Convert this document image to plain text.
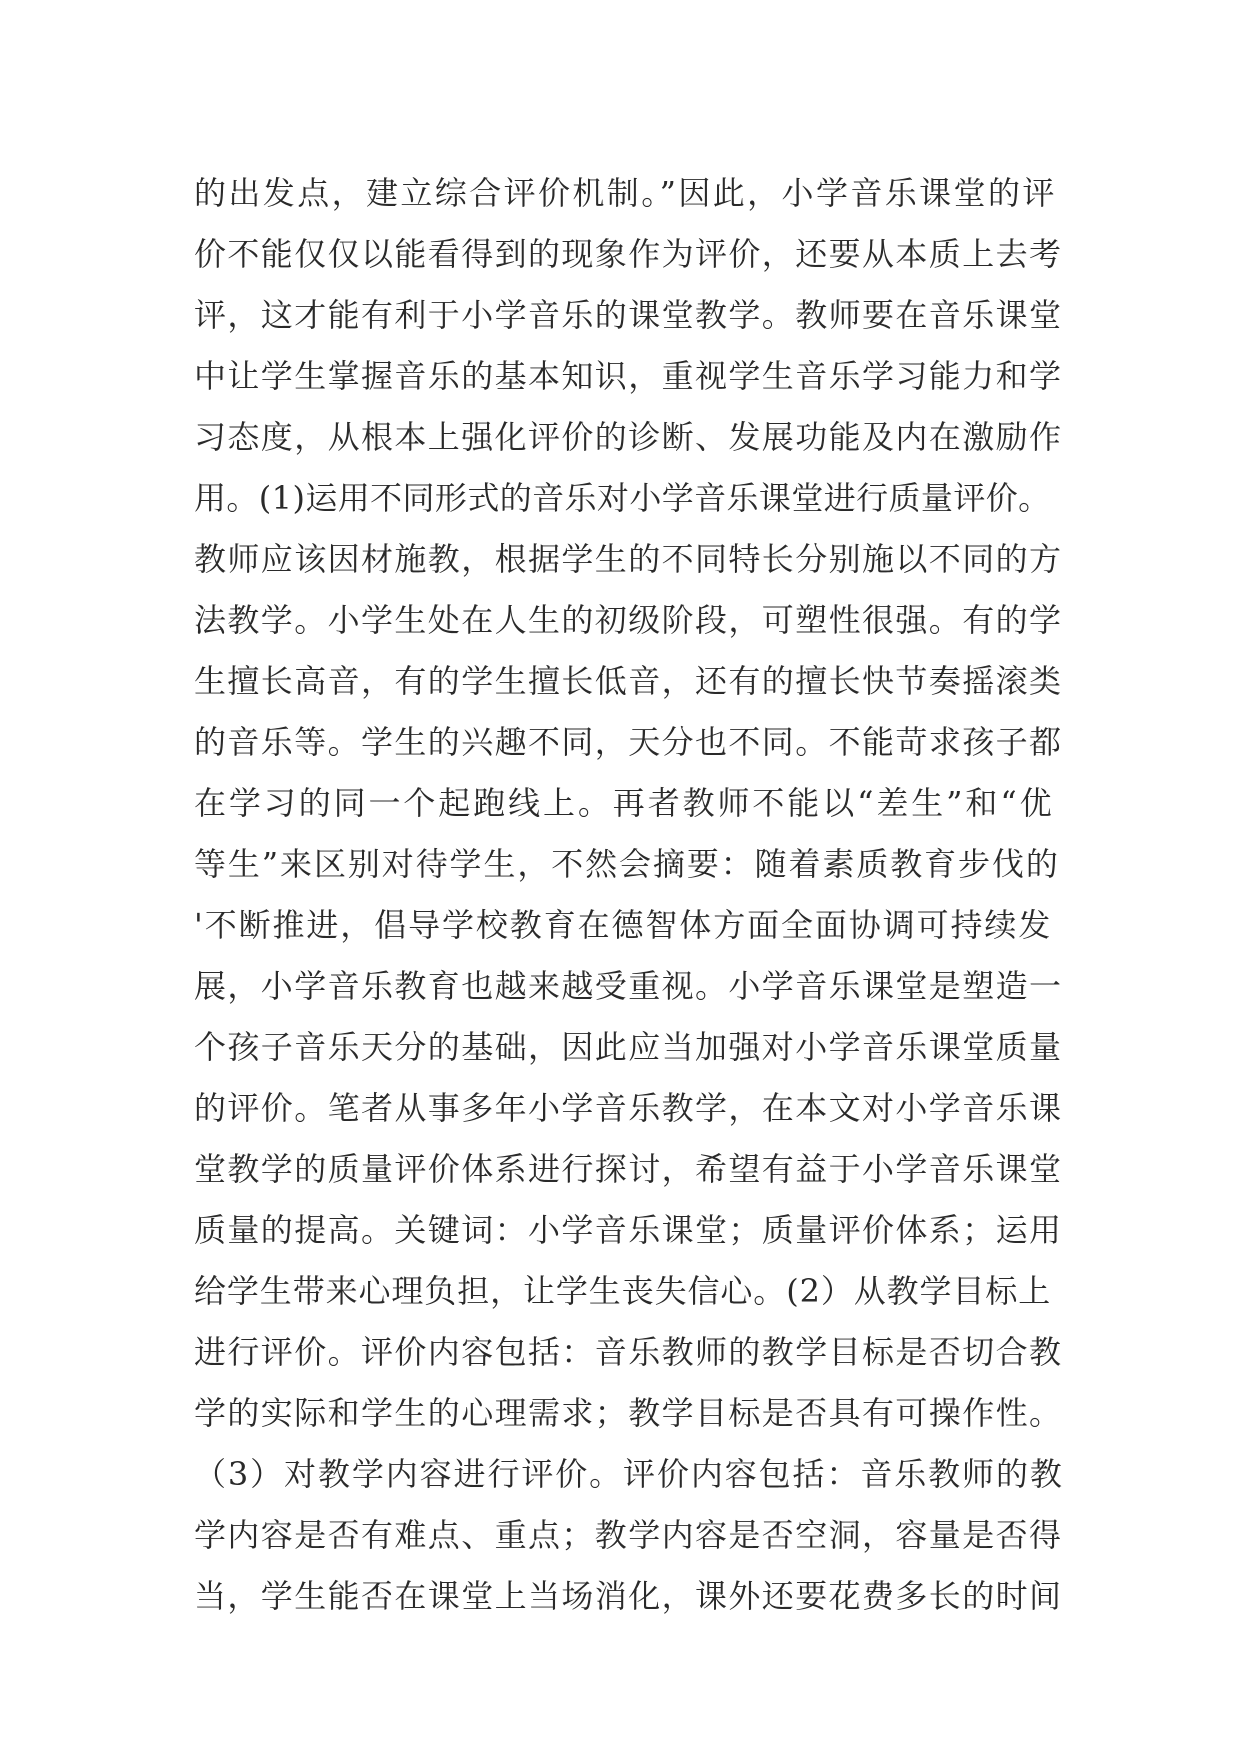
的出发点，建立综合评价机制。”因此，小学音乐课堂的评
价不能仅仅以能看得到的现象作为评价，还要从本质上去考
评，这才能有利于小学音乐的课堂教学。教师要在音乐课堂
中让学生掌握音乐的基本知识，重视学生音乐学习能力和学
习态度，从根本上强化评价的诊断、发展功能及内在激励作
用。(1)运用不同形式的音乐对小学音乐课堂进行质量评价。
教师应该因材施教，根据学生的不同特长分别施以不同的方
法教学。小学生处在人生的初级阶段，可塑性很强。有的学
生擅长高音，有的学生擅长低音，还有的擅长快节奏摇滚类
的音乐等。学生的兴趣不同，天分也不同。不能苛求孩子都
在学习的同一个起跑线上。再者教师不能以“差生”和“优
等生”来区别对待学生，不然会摘要：随着素质教育步伐的
'不断推进，倡导学校教育在德智体方面全面协调可持续发
展，小学音乐教育也越来越受重视。小学音乐课堂是塑造一
个孩子音乐天分的基础，因此应当加强对小学音乐课堂质量
的评价。笔者从事多年小学音乐教学，在本文对小学音乐课
堂教学的质量评价体系进行探讨，希望有益于小学音乐课堂
质量的提高。关键词：小学音乐课堂；质量评价体系；运用
给学生带来心理负担，让学生丧失信心。(2）从教学目标上
进行评价。评价内容包括：音乐教师的教学目标是否切合教
学的实际和学生的心理需求；教学目标是否具有可操作性。
（3）对教学内容进行评价。评价内容包括：音乐教师的教
学内容是否有难点、重点；教学内容是否空洞，容量是否得
当，学生能否在课堂上当场消化，课外还要花费多长的时间
